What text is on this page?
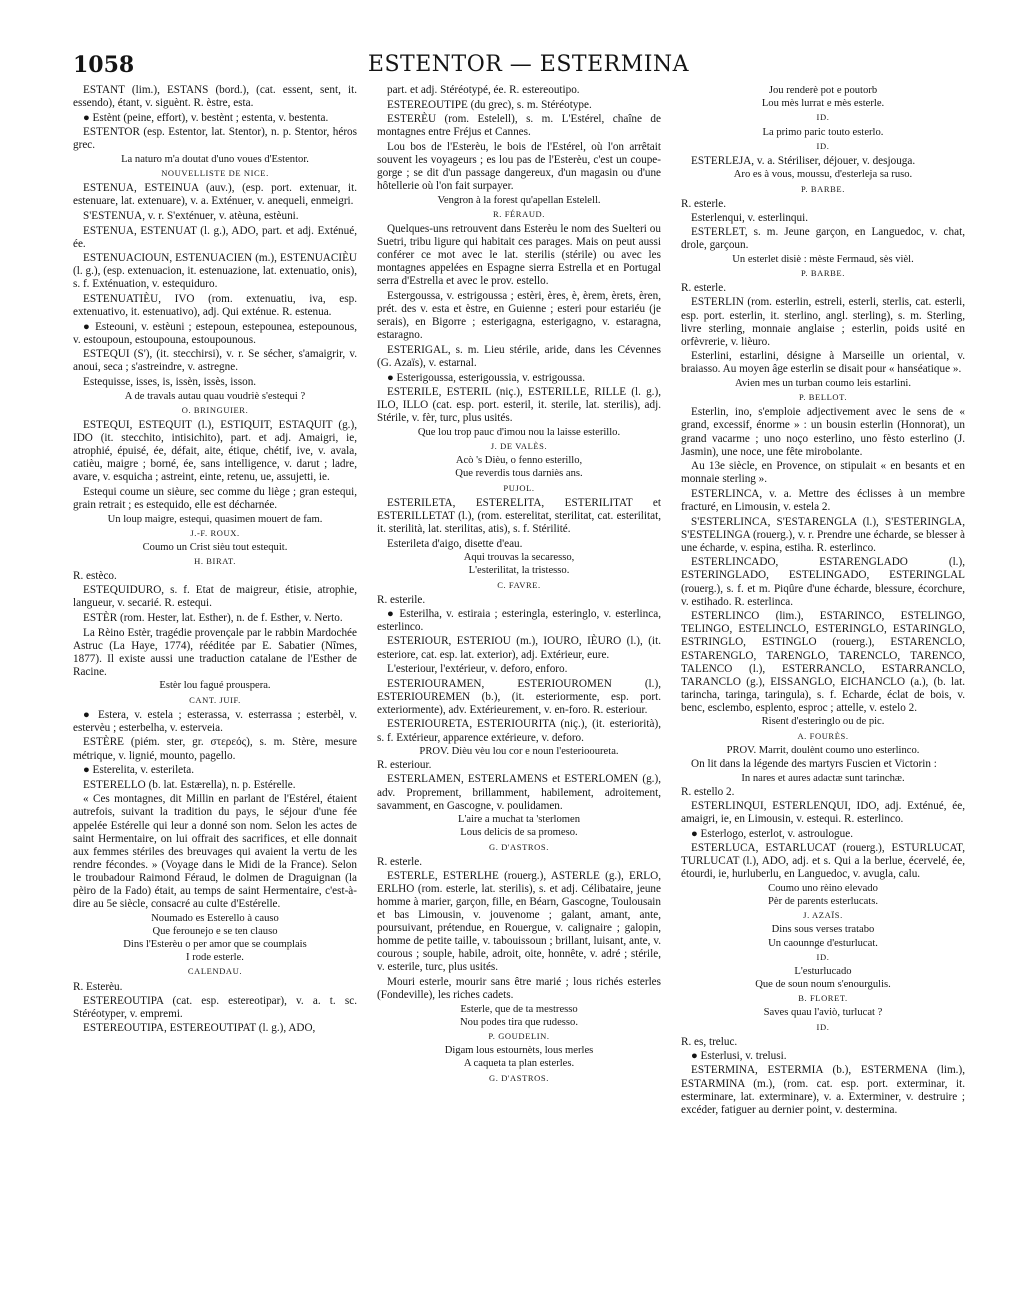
1058	ESTENTOR — ESTERMINA

ESTANT (lim.), ESTANS (bord.), (cat. essent, sent, it. essendo), étant, v. siguènt. R. èstre, esta.

● Estènt (peine, effort), v. bestènt ; estenta, v. bestenta.

ESTENTOR (esp. Estentor, lat. Stentor), n. p. Stentor, héros grec.

La naturo m'a doutat d'uno voues d'Estentor.

NOUVELLISTE DE NICE.

ESTENUA, ESTEINUA (auv.), (esp. port. extenuar, it. estenuare, lat. extenuare), v. a. Exténuer, v. anequeli, enmeigri.

S'ESTENUA, v. r. S'exténuer, v. atèuna, estèuni.

ESTENUA, ESTENUAT (l. g.), ADO, part. et adj. Exténué, ée.

ESTENUACIOUN, ESTENUACIEN (m.), ESTENUACIÈU (l. g.), (esp. extenuacion, it. estenuazione, lat. extenuatio, onis), s. f. Exténuation, v. estequiduro.

ESTENUATIÈU, IVO (rom. extenuatiu, iva, esp. extenuativo, it. estenuativo), adj. Qui exténue. R. estenua.

● Esteouni, v. estèuni ; estepoun, estepounea, estepounous, v. estoupoun, estoupouna, estoupounous.

ESTEQUI (S'), (it. stecchirsi), v. r. Se sécher, s'amaigrir, v. anoui, seca ; s'astreindre, v. astregne.

Estequisse, isses, is, issèn, issès, isson.

A de travals autau quau voudriè s'estequi ?

O. BRINGUIER.

ESTEQUI, ESTEQUIT (l.), ESTIQUIT, ESTAQUIT (g.), IDO (it. stecchito, intisichito), part. et adj. Amaigri, ie, atrophié, épuisé, ée, défait, aite, étique, chétif, ive, v. avala, catièu, maigre ; borné, ée, sans intelligence, v. darut ; ladre, avare, v. esquicha ; astreint, einte, retenu, ue, assujetti, ie.

Estequi coume un sièure, sec comme du liège ; gran estequi, grain retrait ; es estequido, elle est décharnée.

Un loup maigre, estequi, quasimen mouert de fam.

J.-F. ROUX.

Coumo un Crist sièu tout estequit.

H. BIRAT.

R. estèco.

ESTEQUIDURO, s. f. Etat de maigreur, étisie, atrophie, langueur, v. secarié. R. estequi.

ESTÈR (rom. Hester, lat. Esther), n. de f. Esther, v. Nerto.

La Rèino Estèr, tragédie provençale par le rabbin Mardochée Astruc (La Haye, 1774), rééditée par E. Sabatier (Nîmes, 1877). Il existe aussi une traduction catalane de l'Esther de Racine.

Estèr lou fagué prouspera.

CANT. JUIF.

● Estera, v. estela ; esterassa, v. esterrassa ; esterbèl, v. estervèu ; esterbelha, v. esterveia.

ESTÈRE (piém. ster, gr. στερεός), s. m. Stère, mesure métrique, v. lignié, mounto, pagello.

● Esterelita, v. esterileta.

ESTERELLO (b. lat. Estærella), n. p. Estérelle.

« Ces montagnes, dit Millin en parlant de l'Estérel, étaient autrefois, suivant la tradition du pays, le séjour d'une fée appelée Estérelle qui leur a donné son nom. Selon les actes de saint Hermentaire, on lui offrait des sacrifices, et elle donnait aux femmes stériles des breuvages qui avaient la vertu de les rendre fécondes. » (Voyage dans le Midi de la France). Selon le troubadour Raimond Féraud, le dolmen de Draguignan (la pèiro de la Fado) était, au temps de saint Hermentaire, c'est-à-dire au 5e siècle, consacré au culte d'Estérelle.

Noumado es Esterello à causo

Que ferounejo e se ten clauso

Dins l'Esterèu o per amor que se coumplais

I rode esterle.

CALENDAU.

R. Esterèu.

ESTEREOUTIPA (cat. esp. estereotipar), v. a. t. sc. Stéréotyper, v. empremi.

ESTEREOUTIPA, ESTEREOUTIPAT (l. g.), ADO,

part. et adj. Stéréotypé, ée. R. estereoutipo.

ESTEREOUTIPE (du grec), s. m. Stéréotype.

ESTERÈU (rom. Estelell), s. m. L'Estérel, chaîne de montagnes entre Fréjus et Cannes.

Lou bos de l'Esterèu, le bois de l'Estérel, où l'on arrêtait souvent les voyageurs ; es lou pas de l'Esterèu, c'est un coupe-gorge ; se dit d'un passage dangereux, d'un magasin ou d'une hôtellerie où l'on fait surpayer.

Vengron à la forest qu'apellan Estelell.

R. FÉRAUD.

Quelques-uns retrouvent dans Esterèu le nom des Suelteri ou Suetri, tribu ligure qui habitait ces parages. Mais on peut aussi conférer ce mot avec le lat. sterilis (stérile) ou avec les montagnes appelées en Espagne sierra Estrella et en Portugal serra d'Estrella et avec le prov. estello.

Estergoussa, v. estrigoussa ; estèri, ères, è, èrem, èrets, èren, prét. des v. esta et èstre, en Guienne ; esteri pour estariéu (je serais), en Bigorre ; esterigagna, esterigagno, v. estaragna, estaragno.

ESTERIGAL, s. m. Lieu stérile, aride, dans les Cévennes (G. Azaïs), v. estarnal.

● Esterigoussa, esterigoussia, v. estrigoussa.

ESTERILE, ESTERIL (niç.), ESTERILLE, RILLE (l. g.), ILO, ILLO (cat. esp. port. esteril, it. sterile, lat. sterilis), adj. Stérile, v. fèr, turc, plus usités.

Que lou trop pauc d'imou nou la laisse esterillo.

J. DE VALÈS.

Acò 's Dièu, o fenno esterillo,

Que reverdis tous darniès ans.

PUJOL.

ESTERILETA, ESTERELITA, ESTERILITAT et ESTERILLETAT (l.), (rom. esterelitat, sterilitat, cat. esterilitat, it. sterilità, lat. sterilitas, atis), s. f. Stérilité.

Esterileta d'aigo, disette d'eau.

Aqui trouvas la secaresso,

L'esterilitat, la tristesso.

C. FAVRE.

R. esterile.

● Esterilha, v. estiraia ; esteringla, esteringlo, v. esterlinca, esterlinco.

ESTERIOUR, ESTERIOU (m.), IOURO, IÈURO (l.), (it. esteriore, cat. esp. lat. exterior), adj. Extérieur, eure.

L'esteriour, l'extérieur, v. deforo, enforo.

ESTERIOURAMEN, ESTERIOUROMEN (l.), ESTERIOUREMEN (b.), (it. esteriormente, esp. port. exteriormente), adv. Extérieurement, v. en-foro. R. esteriour.

ESTERIOURETA, ESTERIOURITA (niç.), (it. esteriorità), s. f. Extérieur, apparence extérieure, v. deforo.

PROV. Dièu vèu lou cor e noun l'esteriooureta.

R. esteriour.

ESTERLAMEN, ESTERLAMENS et ESTERLOMEN (g.), adv. Proprement, brillamment, habilement, adroitement, savamment, en Gascogne, v. poulidamen.

L'aire a muchat ta 'sterlomen

Lous delicis de sa promeso.

G. D'ASTROS.

R. esterle.

ESTERLE, ESTERLHE (rouerg.), ASTERLE (g.), ERLO, ERLHO (rom. esterle, lat. sterilis), s. et adj. Célibataire, jeune homme à marier, garçon, fille, en Béarn, Gascogne, Toulousain et bas Limousin, v. jouvenome ; galant, amant, ante, poursuivant, prétendue, en Rouergue, v. calignaire ; galopin, homme de petite taille, v. tabouissoun ; brillant, luisant, ante, v. courous ; souple, habile, adroit, oite, honnête, v. adré ; stérile, v. esterile, turc, plus usités.

Mouri esterle, mourir sans être marié ; lous richés esterles (Fondeville), les riches cadets.

Esterle, que de ta mestresso

Nou podes tira que rudesso.

P. GOUDELIN.

Digam lous estournèts, lous merles

A caqueta ta plan esterles.

G. D'ASTROS.

Jou renderè pot e poutorb

Lou mès lurrat e mès esterle.

ID.

La primo paric touto esterlo.

ID.

ESTERLEJA, v. a. Stériliser, déjouer, v. desjouga.

Aro es à vous, moussu, d'esterleja sa ruso.

P. BARBE.

R. esterle.

Esterlenqui, v. esterlinqui.

ESTERLET, s. m. Jeune garçon, en Languedoc, v. chat, drole, garçoun.

Un esterlet disiè : mèste Fermaud, sès vièl.

P. BARBE.

R. esterle.

ESTERLIN (rom. esterlin, estreli, esterli, sterlis, cat. esterli, esp. port. esterlin, it. sterlino, angl. sterling), s. m. Sterling, livre sterling, monnaie anglaise ; esterlin, poids usité en orfèvrerie, v. lièuro.

Esterlini, estarlini, désigne à Marseille un oriental, v. braiasso. Au moyen âge esterlin se disait pour « hanséatique ».

Avien mes un turban coumo leis estarlini.

P. BELLOT.

Esterlin, ino, s'emploie adjectivement avec le sens de « grand, excessif, énorme » : un bousin esterlin (Honnorat), un grand vacarme ; uno noço esterlino, uno fèsto esterlino (J. Jasmin), une noce, une fête mirobolante.

Au 13e siècle, en Provence, on stipulait « en besants et en monnaie sterling ».

ESTERLINCA, v. a. Mettre des éclisses à un membre fracturé, en Limousin, v. estela 2.

S'ESTERLINCA, S'ESTARENGLA (l.), S'ESTERINGLA, S'ESTELINGA (rouerg.), v. r. Prendre une écharde, se blesser à une écharde, v. espina, estiha. R. esterlinco.

ESTERLINCADO, ESTARENGLADO (l.), ESTERINGLADO, ESTELINGADO, ESTERINGLAL (rouerg.), s. f. et m. Piqûre d'une écharde, blessure, écorchure, v. estihado. R. esterlinca.

ESTERLINCO (lim.), ESTARINCO, ESTELINGO, TELINGO, ESTELINCLO, ESTERINGLO, ESTARINGLO, ESTRINGLO, ESTINGLO (rouerg.), ESTARENCLO, ESTARENGLO, TARENGLO, TARENCLO, TARENCO, TALENCO (l.), ESTERRANCLO, ESTARRANCLO, TARANCLO (g.), EISSANGLO, EICHANCLO (a.), (b. lat. tarincha, taringa, taringula), s. f. Echarde, éclat de bois, v. benc, esclembo, esplento, esproc ; attelle, v. estelo 2.

Risent d'esteringlo ou de pic.

A. FOURÈS.

PROV. Marrit, doulènt coumo uno esterlinco.

On lit dans la légende des martyrs Fuscien et Victorin :

In nares et aures adactæ sunt tarinchæ.

R. estello 2.

ESTERLINQUI, ESTERLENQUI, IDO, adj. Exténué, ée, amaigri, ie, en Limousin, v. estequi. R. esterlinco.

● Esterlogo, esterlot, v. astroulogue.

ESTERLUCA, ESTARLUCAT (rouerg.), ESTURLUCAT, TURLUCAT (l.), ADO, adj. et s. Qui a la berlue, écervelé, ée, étourdi, ie, hurluberlu, en Languedoc, v. avugla, calu.

Coumo uno rèino elevado

Pèr de parents esterlucats.

J. AZAÏS.

Dins sous verses tratabo

Un caounnge d'esturlucat.

ID.

L'esturlucado

Que de soun noum s'enourgulis.

B. FLORET.

Saves quau l'aviò, turlucat ?

ID.

R. es, treluc.

● Esterlusi, v. trelusi.

ESTERMINA, ESTERMIA (b.), ESTERMENA (lim.), ESTARMINA (m.), (rom. cat. esp. port. exterminar, it. esterminare, lat. exterminare), v. a. Exterminer, v. destruire ; excéder, fatiguer au dernier point, v. destermina.
